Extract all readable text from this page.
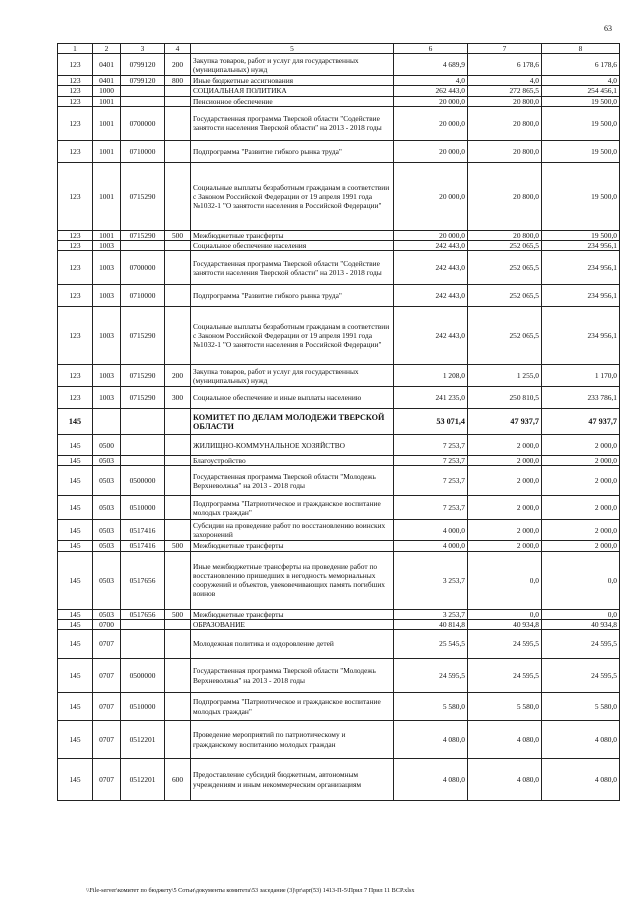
63
1	2	3	4	5	6	7	8
123	0401	0799120	200	Закупка товаров, работ и услуг для государственных (муниципальных) нужд	4 689,9	6 178,6	6 178,6
123	0401	0799120	800	Иные бюджетные ассигнования	4,0	4,0	4,0
123	1000			СОЦИАЛЬНАЯ ПОЛИТИКА	262 443,0	272 865,5	254 456,1
123	1001			Пенсионное обеспечение	20 000,0	20 800,0	19 500,0
123	1001	0700000		Государственная программа Тверской области "Содействие занятости населения Тверской области" на 2013 - 2018 годы	20 000,0	20 800,0	19 500,0
123	1001	0710000		Подпрограмма "Развитие гибкого рынка труда"	20 000,0	20 800,0	19 500,0
123	1001	0715290		Социальные выплаты безработным гражданам в соответствии с Законом Российской Федерации от 19 апреля 1991 года №1032-1 "О занятости населения в Российской Федерации"	20 000,0	20 800,0	19 500,0
123	1001	0715290	500	Межбюджетные трансферты	20 000,0	20 800,0	19 500,0
123	1003			Социальное обеспечение населения	242 443,0	252 065,5	234 956,1
123	1003	0700000		Государственная программа Тверской области "Содействие занятости населения Тверской области" на 2013 - 2018 годы	242 443,0	252 065,5	234 956,1
123	1003	0710000		Подпрограмма "Развитие гибкого рынка труда"	242 443,0	252 065,5	234 956,1
123	1003	0715290		Социальные выплаты безработным гражданам в соответствии с Законом Российской Федерации от 19 апреля 1991 года №1032-1 "О занятости населения в Российской Федерации"	242 443,0	252 065,5	234 956,1
123	1003	0715290	200	Закупка товаров, работ и услуг для государственных (муниципальных) нужд	1 208,0	1 255,0	1 170,0
123	1003	0715290	300	Социальное обеспечение и иные выплаты населению	241 235,0	250 810,5	233 786,1
145				КОМИТЕТ ПО ДЕЛАМ МОЛОДЕЖИ ТВЕРСКОЙ ОБЛАСТИ	53 071,4	47 937,7	47 937,7
145	0500			ЖИЛИЩНО-КОММУНАЛЬНОЕ ХОЗЯЙСТВО	7 253,7	2 000,0	2 000,0
145	0503			Благоустройство	7 253,7	2 000,0	2 000,0
145	0503	0500000		Государственная программа Тверской области "Молодежь Верхневолжья" на 2013 - 2018 годы	7 253,7	2 000,0	2 000,0
145	0503	0510000		Подпрограмма "Патриотическое и гражданское воспитание молодых граждан"	7 253,7	2 000,0	2 000,0
145	0503	0517416		Субсидии на проведение работ по восстановлению воинских захоронений	4 000,0	2 000,0	2 000,0
145	0503	0517416	500	Межбюджетные трансферты	4 000,0	2 000,0	2 000,0
145	0503	0517656		Иные межбюджетные трансферты на проведение работ по восстановлению пришедших в негодность мемориальных сооружений и объектов, увековечивающих память погибших воинов	3 253,7	0,0	0,0
145	0503	0517656	500	Межбюджетные трансферты	3 253,7	0,0	0,0
145	0700			ОБРАЗОВАНИЕ	40 814,8	40 934,8	40 934,8
145	0707			Молодежная политика и оздоровление детей	25 545,5	24 595,5	24 595,5
145	0707	0500000		Государственная программа Тверской области "Молодежь Верхневолжья" на 2013 - 2018 годы	24 595,5	24 595,5	24 595,5
145	0707	0510000		Подпрограмма "Патриотическое и гражданское воспитание молодых граждан"	5 580,0	5 580,0	5 580,0
145	0707	0512201		Проведение мероприятий по патриотическому и гражданскому воспитанию молодых граждан	4 080,0	4 080,0	4 080,0
145	0707	0512201	600	Предоставление субсидий бюджетным, автономным учреждениям и иным некоммерческим организациям	4 080,0	4 080,0	4 080,0
\\File-server\комитет по бюджету\5 Сотьи\документы комитета\53 заседание (3)\pr\apr(53) 1413-П-5\Прил 7 Прил 11 ВСР.xlsx
